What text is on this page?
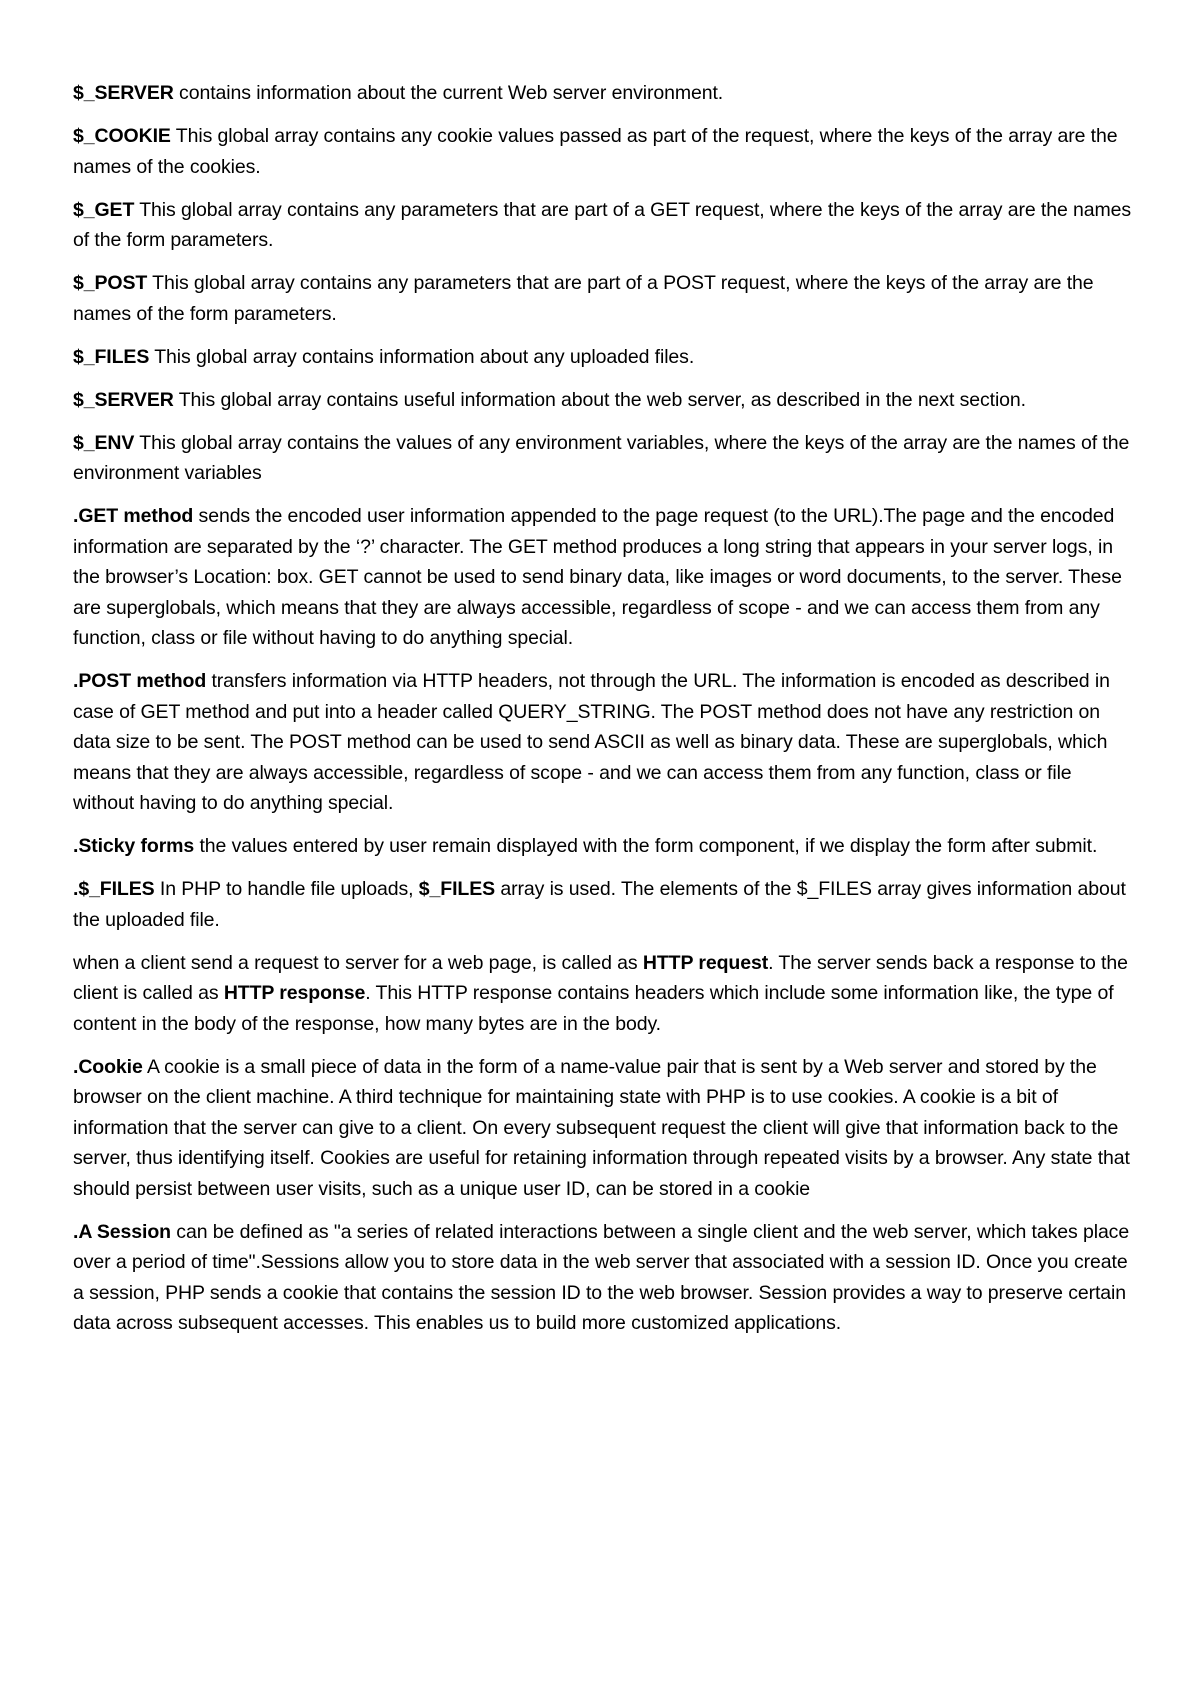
$_SERVER contains information about the current Web server environment.

$_COOKIE This global array contains any cookie values passed as part of the request, where the keys of the array are the names of the cookies.

$_GET This global array contains any parameters that are part of a GET request, where the keys of the array are the names of the form parameters.

$_POST This global array contains any parameters that are part of a POST request, where the keys of the array are the names of the form parameters.

$_FILES This global array contains information about any uploaded files.

$_SERVER This global array contains useful information about the web server, as described in the next section.

$_ENV This global array contains the values of any environment variables, where the keys of the array are the names of the environment variables

.GET method sends the encoded user information appended to the page request (to the URL).The page and the encoded information are separated by the ‘?’ character. The GET method produces a long string that appears in your server logs, in the browser’s Location: box. GET cannot be used to send binary data, like images or word documents, to the server. These are superglobals, which means that they are always accessible, regardless of scope - and we can access them from any function, class or file without having to do anything special.

.POST method transfers information via HTTP headers, not through the URL. The information is encoded as described in case of GET method and put into a header called QUERY_STRING. The POST method does not have any restriction on data size to be sent. The POST method can be used to send ASCII as well as binary data. These are superglobals, which means that they are always accessible, regardless of scope - and we can access them from any function, class or file without having to do anything special.

.Sticky forms the values entered by user remain displayed with the form component, if we display the form after submit.

.$_FILES In PHP to handle file uploads, $_FILES array is used. The elements of the $_FILES array gives information about the uploaded file.

when a client send a request to server for a web page, is called as HTTP request. The server sends back a response to the client is called as HTTP response. This HTTP response contains headers which include some information like, the type of content in the body of the response, how many bytes are in the body.

.Cookie A cookie is a small piece of data in the form of a name-value pair that is sent by a Web server and stored by the browser on the client machine. A third technique for maintaining state with PHP is to use cookies. A cookie is a bit of information that the server can give to a client. On every subsequent request the client will give that information back to the server, thus identifying itself. Cookies are useful for retaining information through repeated visits by a browser. Any state that should persist between user visits, such as a unique user ID, can be stored in a cookie

.A Session can be defined as "a series of related interactions between a single client and the web server, which takes place over a period of time".Sessions allow you to store data in the web server that associated with a session ID. Once you create a session, PHP sends a cookie that contains the session ID to the web browser. Session provides a way to preserve certain data across subsequent accesses. This enables us to build more customized applications.
